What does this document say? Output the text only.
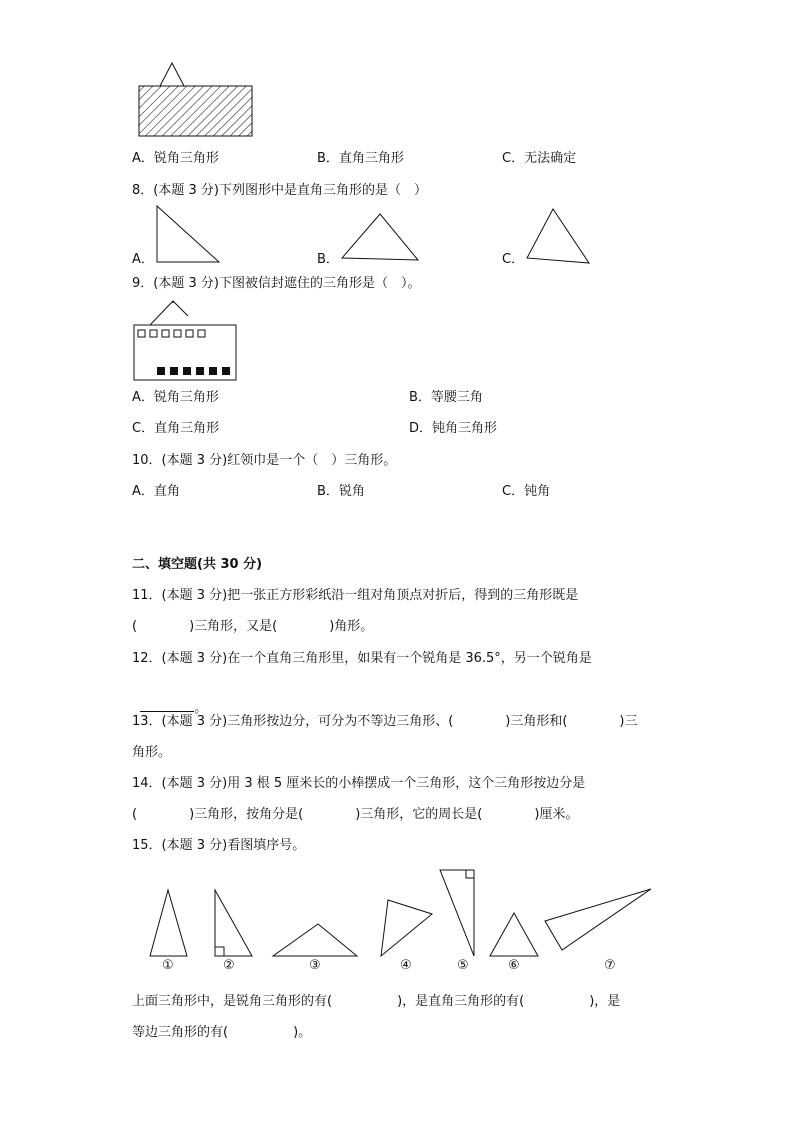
A．锐角三角形	B．直角三角形	C．无法确定
8．(本题 3 分)下列图形中是直角三角形的是（　）
A．	B．	C．
9．(本题 3 分)下图被信封遮住的三角形是（　）。
A．锐角三角形	B．等腰三角
C．直角三角形	D．钝角三角形
10．(本题 3 分)红领巾是一个（　）三角形。
A．直角	B．锐角	C．钝角
二、填空题(共 30 分)
11．(本题 3 分)把一张正方形彩纸沿一组对角顶点对折后，得到的三角形既是
(　　　　)三角形，又是(　　　　)角形。
12．(本题 3 分)在一个直角三角形里，如果有一个锐角是 36.5°，另一个锐角是

。

13．(本题 3 分)三角形按边分，可分为不等边三角形、(　　　　)三角形和(　　　　)三
角形。
14．(本题 3 分)用 3 根 5 厘米长的小棒摆成一个三角形，这个三角形按边分是
(　　　　)三角形，按角分是(　　　　)三角形，它的周长是(　　　　)厘米。
15．(本题 3 分)看图填序号。
①	②	③	④	⑤	⑥	⑦
上面三角形中，是锐角三角形的有(　　　　　)，是直角三角形的有(　　　　　)，是
等边三角形的有(　　　　　)。
